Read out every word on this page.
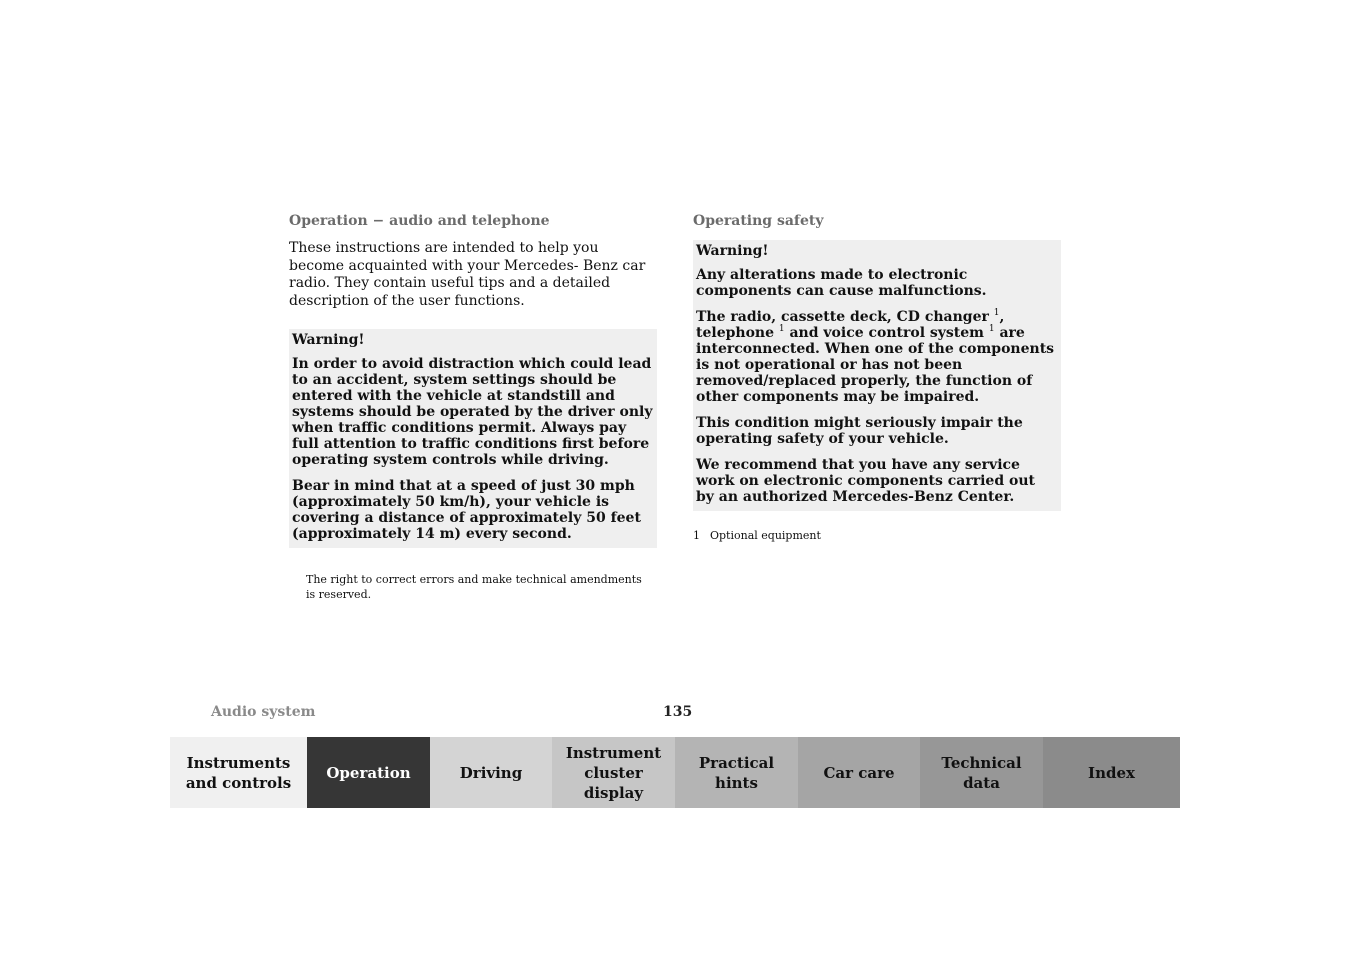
Operation − audio and telephone

These instructions are intended to help you become acquainted with your Mercedes- Benz car radio. They contain useful tips and a detailed description of the user functions.

Warning!

In order to avoid distraction which could lead to an accident, system settings should be entered with the vehicle at standstill and systems should be operated by the driver only when traffic conditions permit. Always pay full attention to traffic conditions first before operating system controls while driving.

Bear in mind that at a speed of just 30 mph (approximately 50 km/h), your vehicle is covering a distance of approximately 50 feet (approximately 14 m) every second.

The right to correct errors and make technical amendments is reserved.

Operating safety

Warning!

Any alterations made to electronic components can cause malfunctions.

The radio, cassette deck, CD changer $^1$, telephone $^1$ and voice control system $^1$ are interconnected. When one of the components is not operational or has not been removed/replaced properly, the function of other components may be impaired.

This condition might seriously impair the operating safety of your vehicle.

We recommend that you have any service work on electronic components carried out by an authorized Mercedes-Benz Center.

1 Optional equipment
Audio system	135
Instruments
and controls
Operation	Driving
Instrument
cluster display
Practical hints
Car care
Technical
data
Index
